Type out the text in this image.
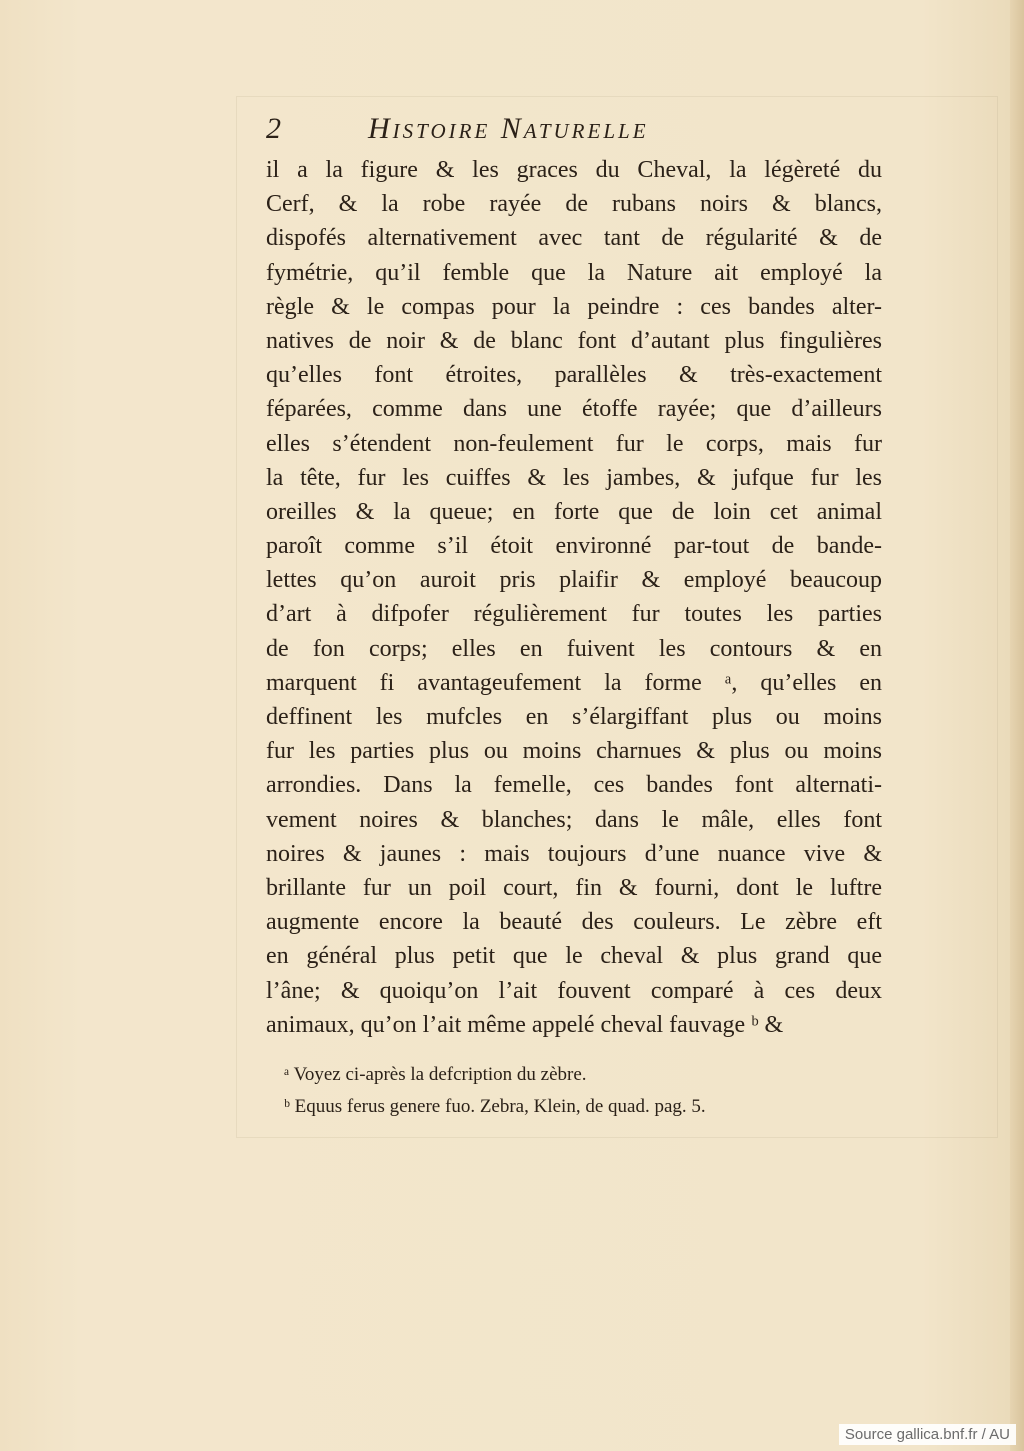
2	Histoire Naturelle
il a la figure & les graces du Cheval, la légèreté du
Cerf, & la robe rayée de rubans noirs & blancs,
dispofés alternativement avec tant de régularité & de
fymétrie, qu’il femble que la Nature ait employé la
règle & le compas pour la peindre : ces bandes alter-
natives de noir & de blanc font d’autant plus fingulières
qu’elles font étroites, parallèles & très-exactement
féparées, comme dans une étoffe rayée; que d’ailleurs
elles s’étendent non-feulement fur le corps, mais fur
la tête, fur les cuiffes & les jambes, & jufque fur les
oreilles & la queue; en forte que de loin cet animal
paroît comme s’il étoit environné par-tout de bande-
lettes qu’on auroit pris plaifir & employé beaucoup
d’art à difpofer régulièrement fur toutes les parties
de fon corps; elles en fuivent les contours & en
marquent fi avantageufement la forme ᵃ, qu’elles en
deffinent les mufcles en s’élargiffant plus ou moins
fur les parties plus ou moins charnues & plus ou moins
arrondies. Dans la femelle, ces bandes font alternati-
vement noires & blanches; dans le mâle, elles font
noires & jaunes : mais toujours d’une nuance vive &
brillante fur un poil court, fin & fourni, dont le luftre
augmente encore la beauté des couleurs. Le zèbre eft
en général plus petit que le cheval & plus grand que
l’âne; & quoiqu’on l’ait fouvent comparé à ces deux
animaux, qu’on l’ait même appelé cheval fauvage ᵇ &
ᵃ Voyez ci-après la defcription du zèbre.
ᵇ Equus ferus genere fuo. Zebra, Klein, de quad. pag. 5.
Source gallica.bnf.fr / AU
